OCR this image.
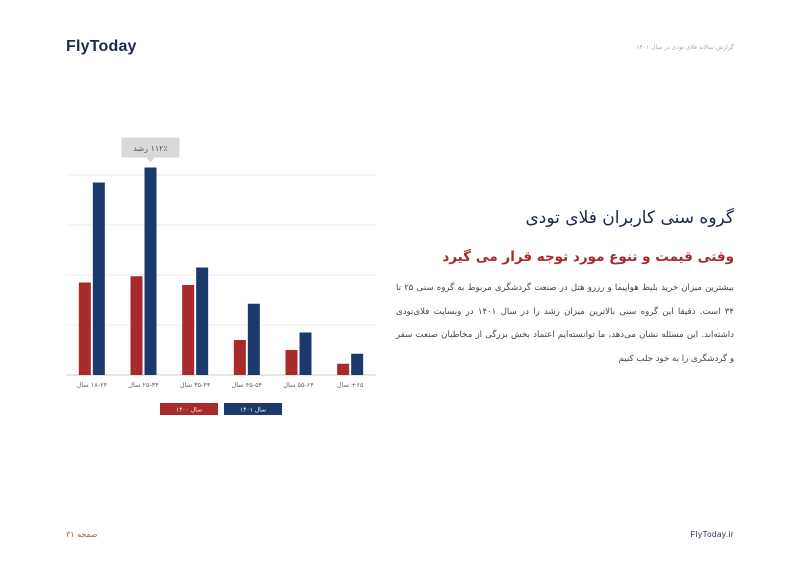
FlyToday	گزارش سالانه فلای تودی در سال ۱۴۰۱
۱۸-۲۴ سال	۲۵-۳۴ سال	۳۵-۴۴ سال	۴۵-۵۴ سال	۵۵-۶۴ سال	۶۵+ سال
۱۱۲٪ رشد
سال ۱۴۰۰	سال ۱۴۰۱
گروه سنی کاربران فلای تودی
وقتی قیمت و تنوع مورد توجه قرار می گیرد

بیشترین میزان خرید بلیط هواپیما و رزرو هتل در صنعت گردشگری مربوط به گروه سنی ۲۵ تا ۳۴ است. دقیقا این گروه سنی بالاترین میزان رشد را در سال ۱۴۰۱ در وبسایت فلای‌تودی داشته‌اند. این مسئله نشان می‌دهد، ما توانسته‌ایم اعتماد بخش بزرگی از مخاطبان صنعت سفر و گردشگری را به خود جلب کنیم

صفحه ۳۱	FlyToday.ir
